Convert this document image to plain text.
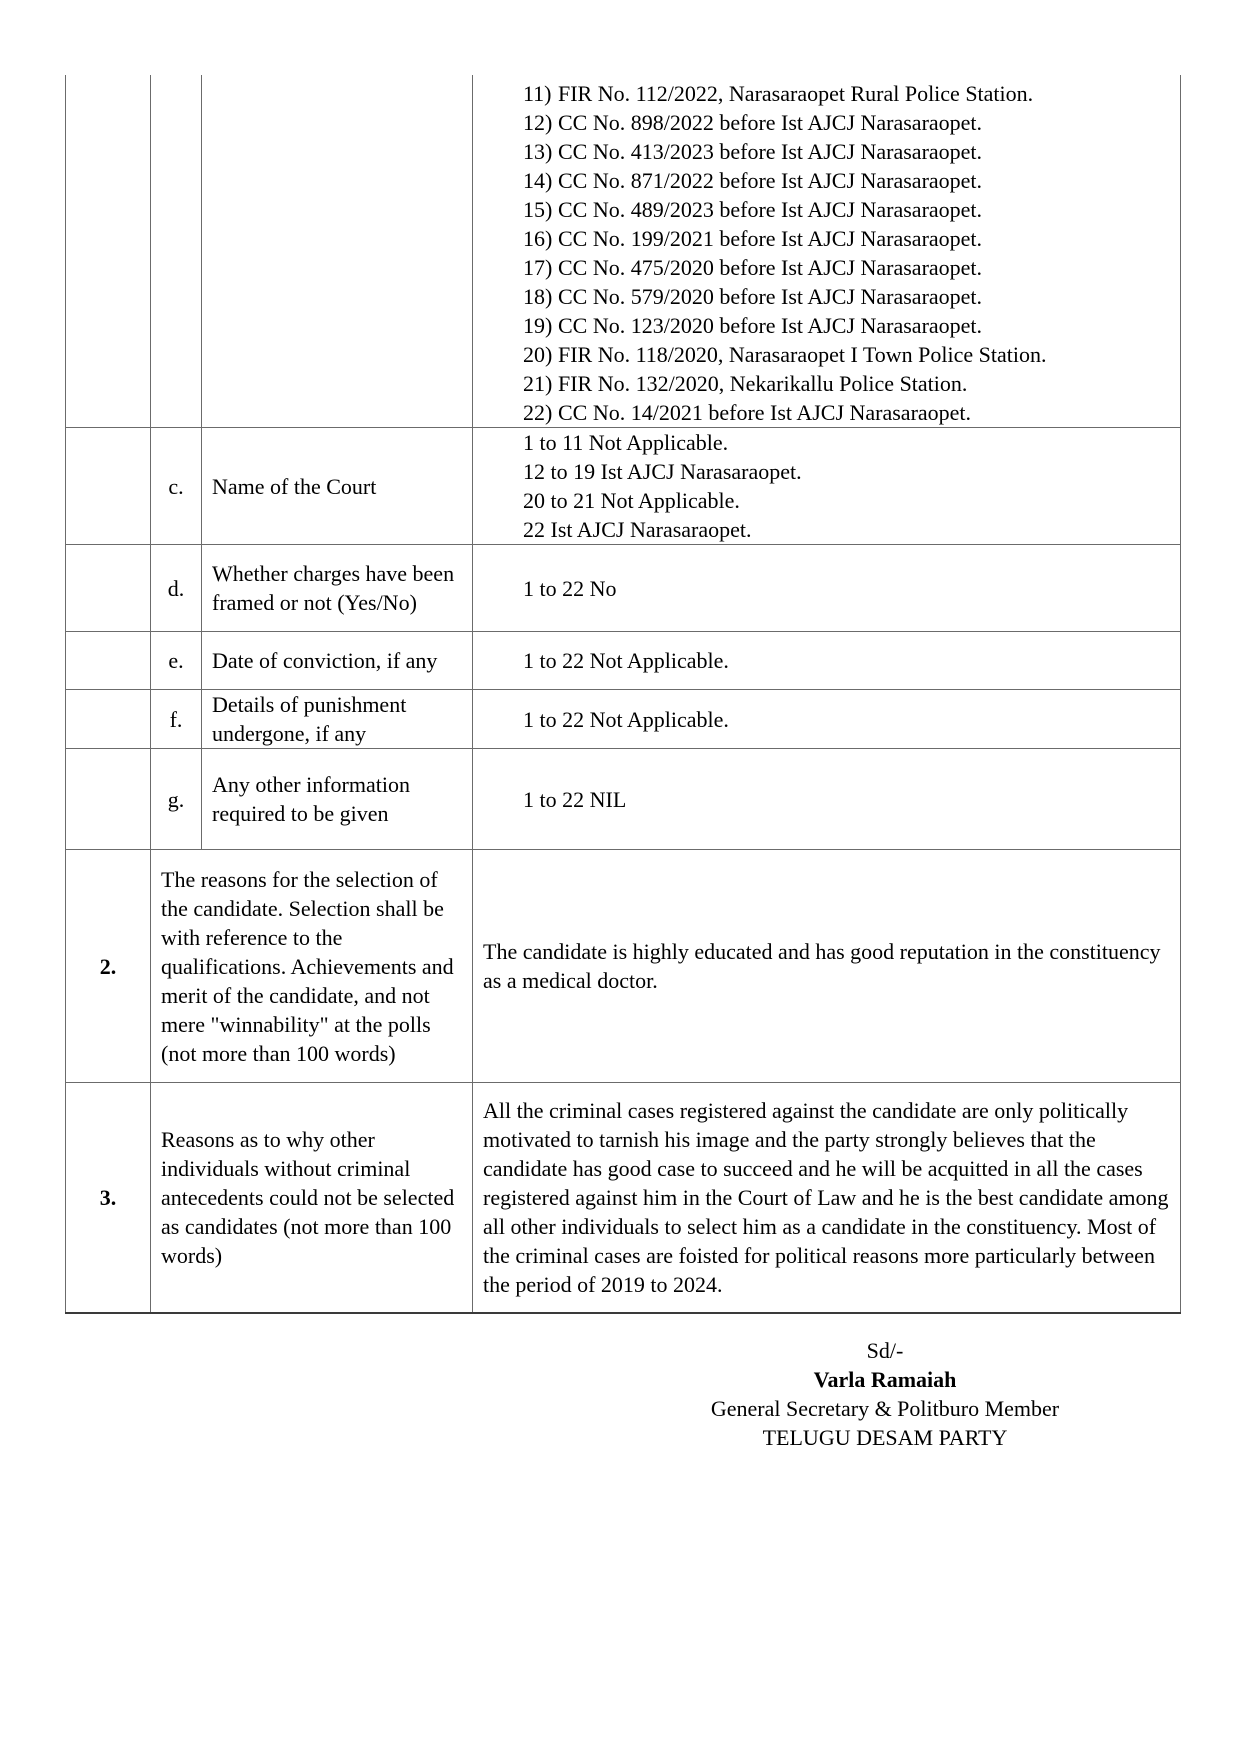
11) FIR No. 112/2022, Narasaraopet Rural Police Station.
12) CC No. 898/2022 before Ist AJCJ Narasaraopet.
13) CC No. 413/2023 before Ist AJCJ Narasaraopet.
14) CC No. 871/2022 before Ist AJCJ Narasaraopet.
15) CC No. 489/2023 before Ist AJCJ Narasaraopet.
16) CC No. 199/2021 before Ist AJCJ Narasaraopet.
17) CC No. 475/2020 before Ist AJCJ Narasaraopet.
18) CC No. 579/2020 before Ist AJCJ Narasaraopet.
19) CC No. 123/2020 before Ist AJCJ Narasaraopet.
20) FIR No. 118/2020, Narasaraopet I Town Police Station.
21) FIR No. 132/2020, Nekarikallu Police Station.
22) CC No. 14/2021 before Ist AJCJ Narasaraopet.

	c.	Name of the Court	1 to 11 Not Applicable.
12 to 19 Ist AJCJ Narasaraopet.
20 to 21 Not Applicable.
22 Ist AJCJ Narasaraopet.

	d.	Whether charges have been framed or not (Yes/No)	1 to 22 No
	e.	Date of conviction, if any	1 to 22 Not Applicable.
	f.	Details of punishment undergone, if any	1 to 22 Not Applicable.
	g.	Any other information required to be given	1 to 22 NIL
2.	The reasons for the selection of the candidate. Selection shall be with reference to the qualifications. Achievements and merit of the candidate, and not mere "winnability" at the polls (not more than 100 words)		The candidate is highly educated and has good reputation in the constituency as a medical doctor.
3.	Reasons as to why other individuals without criminal antecedents could not be selected as candidates (not more than 100 words)		All the criminal cases registered against the candidate are only politically motivated to tarnish his image and the party strongly believes that the candidate has good case to succeed and he will be acquitted in all the cases registered against him in the Court of Law and he is the best candidate among all other individuals to select him as a candidate in the constituency. Most of the criminal cases are foisted for political reasons more particularly between the period of 2019 to 2024.
Sd/-
Varla Ramaiah
General Secretary & Politburo Member
TELUGU DESAM PARTY
